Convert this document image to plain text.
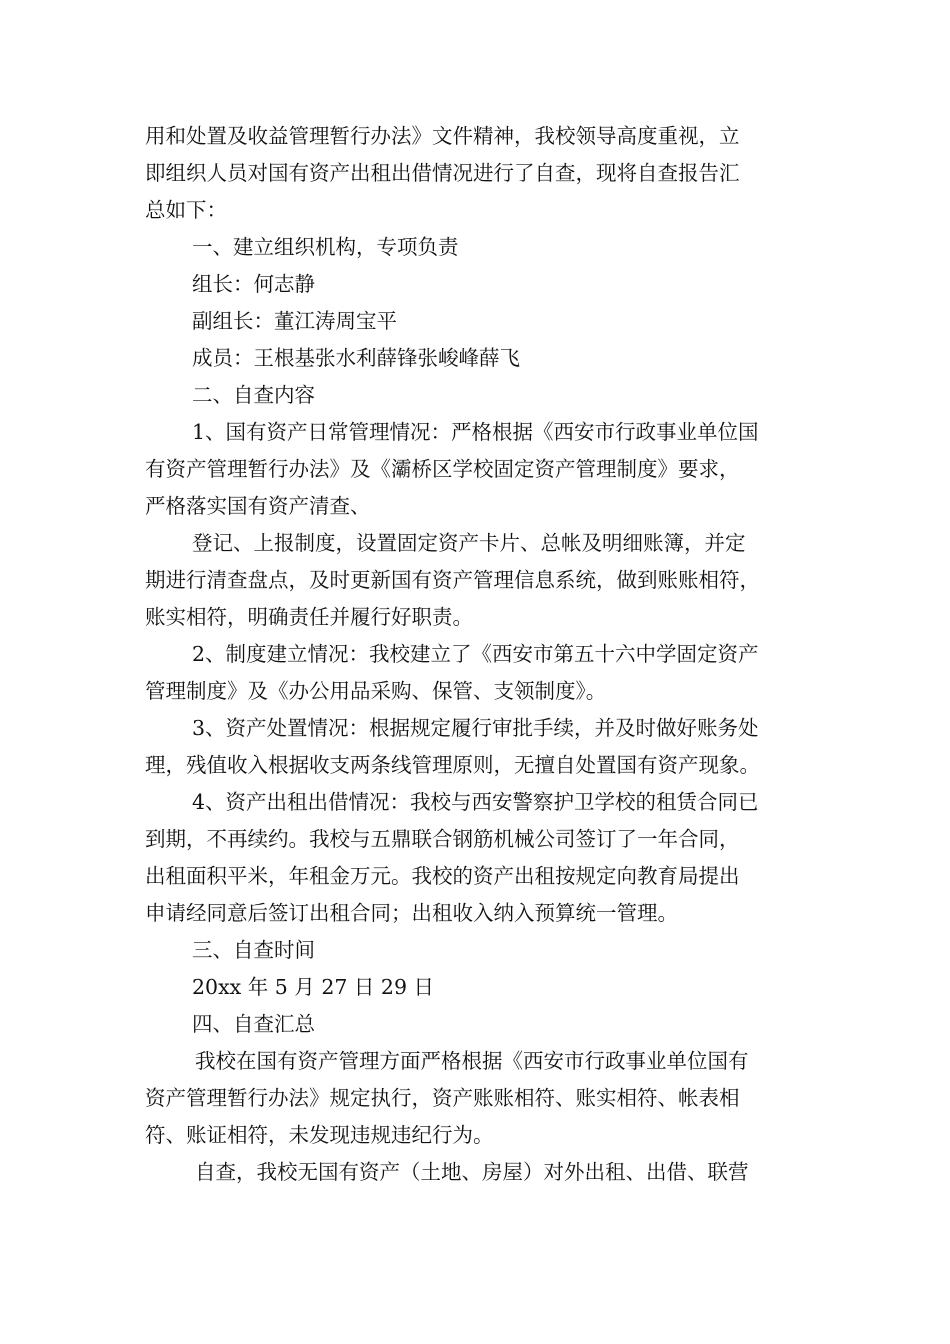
用和处置及收益管理暂行办法》文件精神，我校领导高度重视，立
即组织人员对国有资产出租出借情况进行了自查，现将自查报告汇
总如下：
一、建立组织机构，专项负责
组长：何志静
副组长：董江涛周宝平
成员：王根基张水利薛锋张峻峰薛飞
二、自查内容
1、国有资产日常管理情况：严格根据《西安市行政事业单位国
有资产管理暂行办法》及《灞桥区学校固定资产管理制度》要求，
严格落实国有资产清查、
登记、上报制度，设置固定资产卡片、总帐及明细账簿，并定
期进行清查盘点，及时更新国有资产管理信息系统，做到账账相符，
账实相符，明确责任并履行好职责。
2、制度建立情况：我校建立了《西安市第五十六中学固定资产
管理制度》及《办公用品采购、保管、支领制度》。
3、资产处置情况：根据规定履行审批手续，并及时做好账务处
理，残值收入根据收支两条线管理原则，无擅自处置国有资产现象。
4、资产出租出借情况：我校与西安警察护卫学校的租赁合同已
到期，不再续约。我校与五鼎联合钢筋机械公司签订了一年合同，
出租面积平米，年租金万元。我校的资产出租按规定向教育局提出
申请经同意后签订出租合同；出租收入纳入预算统一管理。
三、自查时间
20xx 年 5 月 27 日 29 日
四、自查汇总
我校在国有资产管理方面严格根据《西安市行政事业单位国有
资产管理暂行办法》规定执行，资产账账相符、账实相符、帐表相
符、账证相符，未发现违规违纪行为。
自查，我校无国有资产（土地、房屋）对外出租、出借、联营
